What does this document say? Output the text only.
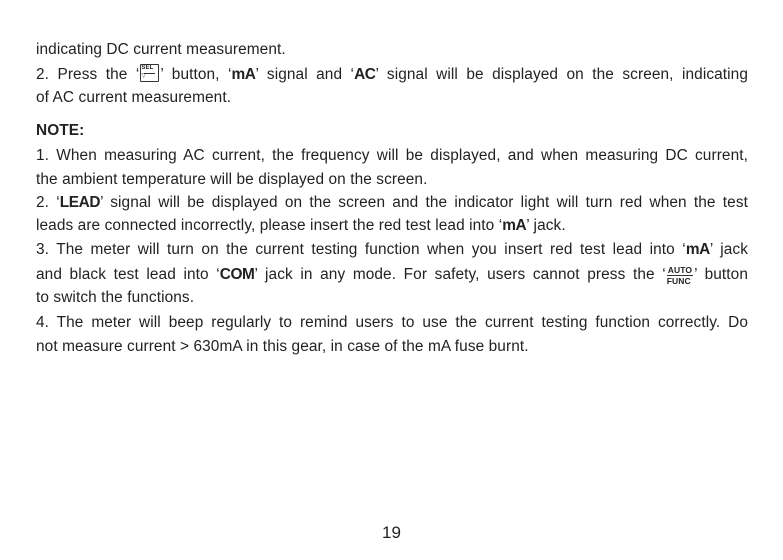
indicating DC current measurement.
2. Press the ‘ SEL
▽ ’ button, ‘mA’ signal and ‘AC’ signal will be displayed on the screen, indicating
of AC current measurement.
NOTE:
1. When measuring AC current, the frequency will be displayed, and when measuring DC current,
the ambient temperature will be displayed on the screen.
2. ‘LEAD’ signal will be displayed on the screen and the indicator light will turn red when the test
leads are connected incorrectly, please insert the red test lead into ‘mA’ jack.
3. The meter will turn on the current testing function when you insert red test lead into ‘mA’ jack
and black test lead into ‘COM’ jack in any mode. For safety, users cannot press the ‘ AUTO
FUNC ’ button
to switch the functions.
4. The meter will beep regularly to remind users to use the current testing function correctly. Do
not measure current > 630mA in this gear, in case of the mA fuse burnt.
19
